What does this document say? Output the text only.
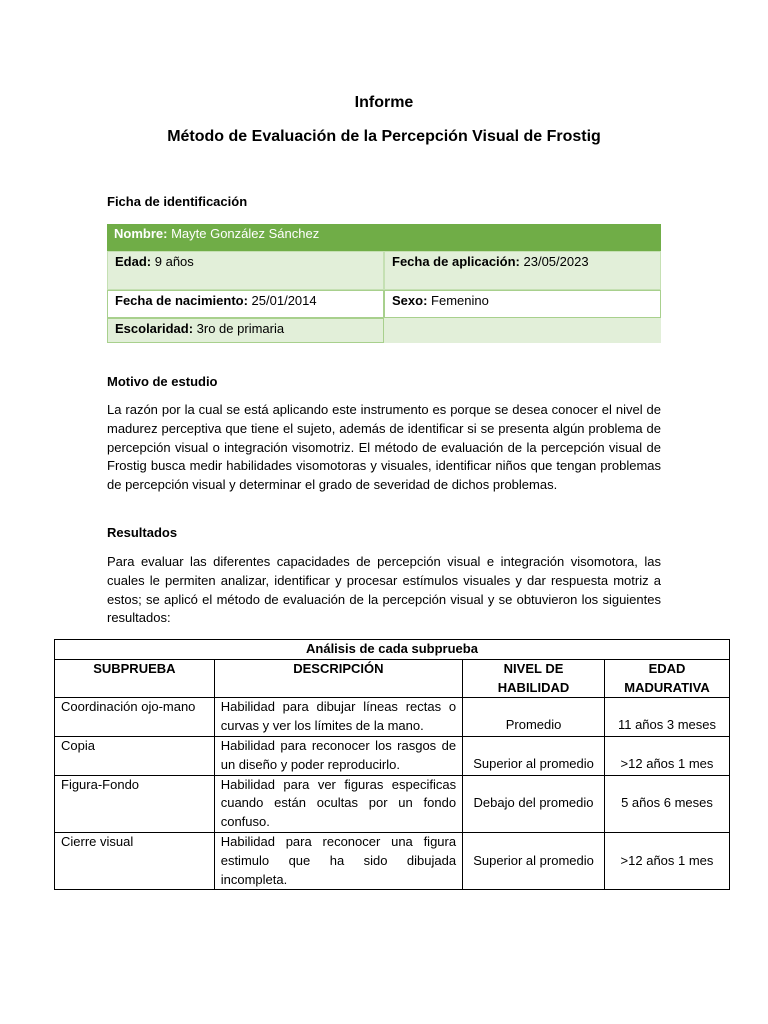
Informe
Método de Evaluación de la Percepción Visual de Frostig
Ficha de identificación
Nombre: Mayte González Sánchez
Edad: 9 años	Fecha de aplicación: 23/05/2023
Fecha de nacimiento: 25/01/2014	Sexo: Femenino
Escolaridad: 3ro de primaria
Motivo de estudio

La razón por la cual se está aplicando este instrumento es porque se desea conocer el nivel de madurez perceptiva que tiene el sujeto, además de identificar si se presenta algún problema de percepción visual o integración visomotriz. El método de evaluación de la percepción visual de Frostig busca medir habilidades visomotoras y visuales, identificar niños que tengan problemas de percepción visual y determinar el grado de severidad de dichos problemas.

Resultados

Para evaluar las diferentes capacidades de percepción visual e integración visomotora, las cuales le permiten analizar, identificar y procesar estímulos visuales y dar respuesta motriz a estos; se aplicó el método de evaluación de la percepción visual y se obtuvieron los siguientes resultados:

Análisis de cada subprueba			
SUBPRUEBA	DESCRIPCIÓN	NIVEL DE HABILIDAD	EDAD MADURATIVA
Coordinación ojo-mano	Habilidad para dibujar líneas rectas o curvas y ver los límites de la mano.	Promedio	11 años 3 meses
Copia	Habilidad para reconocer los rasgos de un diseño y poder reproducirlo.	Superior al promedio	>12 años 1 mes
Figura-Fondo	Habilidad para ver figuras especificas cuando están ocultas por un fondo confuso.	Debajo del promedio	5 años 6 meses
Cierre visual	Habilidad para reconocer una figura estimulo que ha sido dibujada incompleta.	Superior al promedio	>12 años 1 mes
